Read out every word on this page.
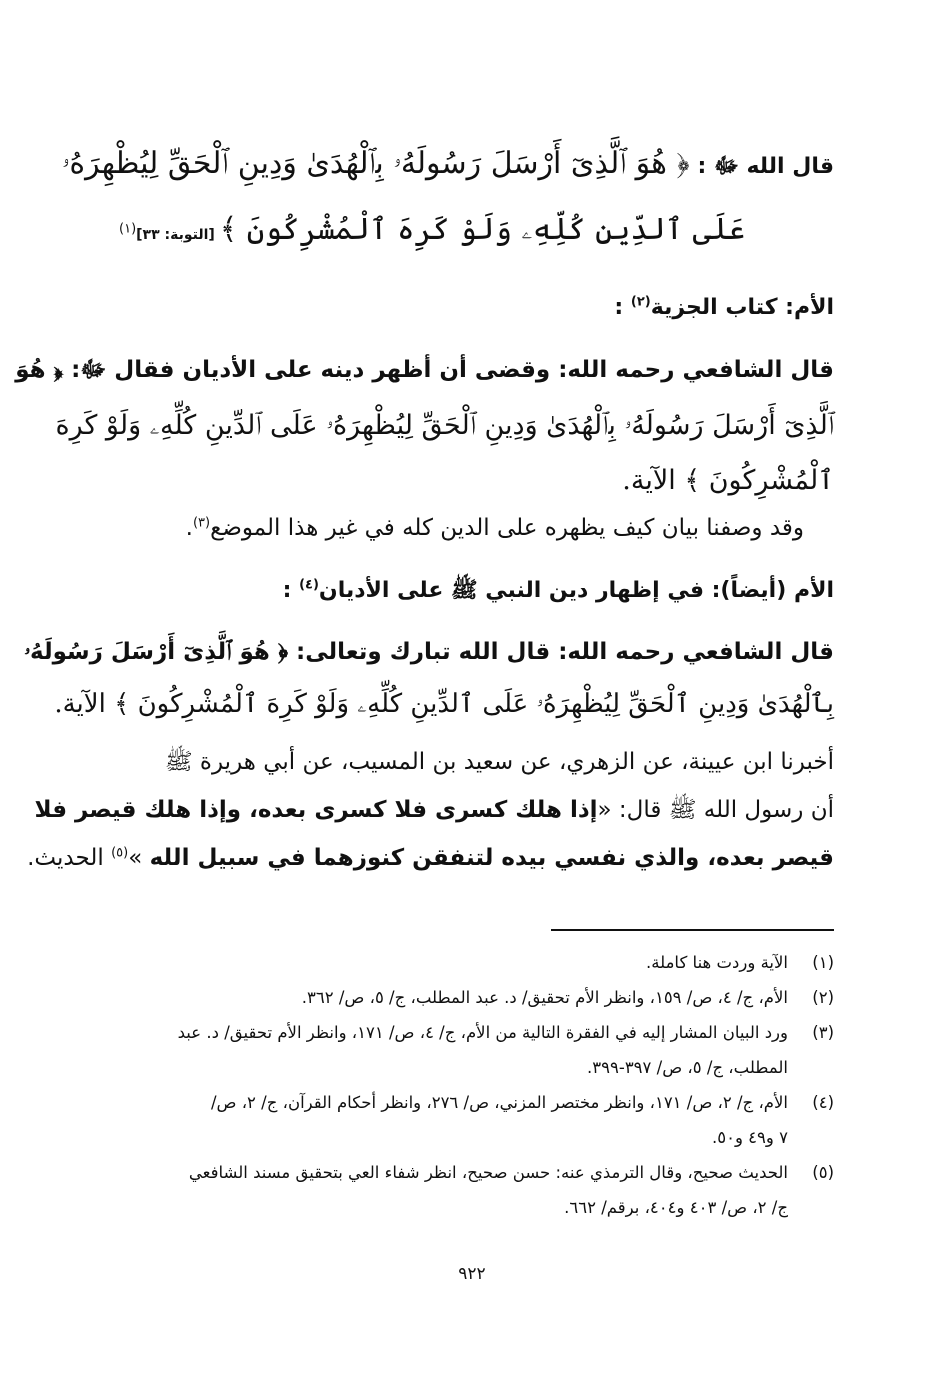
قال الله ﷻ : ﴿ هُوَ ٱلَّذِىٓ أَرْسَلَ رَسُولَهُۥ بِٱلْهُدَىٰ وَدِينِ ٱلْحَقِّ لِيُظْهِرَهُۥ
عَلَى ٱلدِّينِ كُلِّهِۦ وَلَوْ كَرِهَ ٱلْمُشْرِكُونَ ﴾ [التوبة: ٣٣]$^{(١)}$
الأم: كتاب الجزية$^{(٢)}$ :
قال الشافعي رحمه الله: وقضى أن أظهر دينه على الأديان فقال ﷻ: ﴿ هُوَ
ٱلَّذِىٓ أَرْسَلَ رَسُولَهُۥ بِٱلْهُدَىٰ وَدِينِ ٱلْحَقِّ لِيُظْهِرَهُۥ عَلَى ٱلدِّينِ كُلِّهِۦ وَلَوْ كَرِهَ
ٱلْمُشْرِكُونَ ﴾ الآية.
وقد وصفنا بيان كيف يظهره على الدين كله في غير هذا الموضع$^{(٣)}$.
الأم (أيضاً): في إظهار دين النبي ﷺ على الأديان$^{(٤)}$ :
قال الشافعي رحمه الله: قال الله تبارك وتعالى: ﴿ هُوَ ٱلَّذِىٓ أَرْسَلَ رَسُولَهُۥ
بِٱلْهُدَىٰ وَدِينِ ٱلْحَقِّ لِيُظْهِرَهُۥ عَلَى ٱلدِّينِ كُلِّهِۦ وَلَوْ كَرِهَ ٱلْمُشْرِكُونَ ﴾ الآية.
أخبرنا ابن عيينة، عن الزهري، عن سعيد بن المسيب، عن أبي هريرة ﷺ
أن رسول الله ﷺ قال: «إذا هلك كسرى فلا كسرى بعده، وإذا هلك قيصر فلا
قيصر بعده، والذي نفسي بيده لتنفقن كنوزهما في سبيل الله »$^{(٥)}$ الحديث.
(١)الآية وردت هنا كاملة.
(٢)الأم، ج/ ٤، ص/ ١٥٩، وانظر الأم تحقيق/ د. عبد المطلب، ج/ ٥، ص/ ٣٦٢.
(٣)ورد البيان المشار إليه في الفقرة التالية من الأم، ج/ ٤، ص/ ١٧١، وانظر الأم تحقيق/ د. عبد
المطلب، ج/ ٥، ص/ ٣٩٧-٣٩٩.
(٤)الأم، ج/ ٢، ص/ ١٧١، وانظر مختصر المزني، ص/ ٢٧٦، وانظر أحكام القرآن، ج/ ٢، ص/
٧ و٤٩ و٥٠.
(٥)الحديث صحيح، وقال الترمذي عنه: حسن صحيح، انظر شفاء العي بتحقيق مسند الشافعي
ج/ ٢، ص/ ٤٠٣ و٤٠٤، برقم/ ٦٦٢.
٩٢٢
